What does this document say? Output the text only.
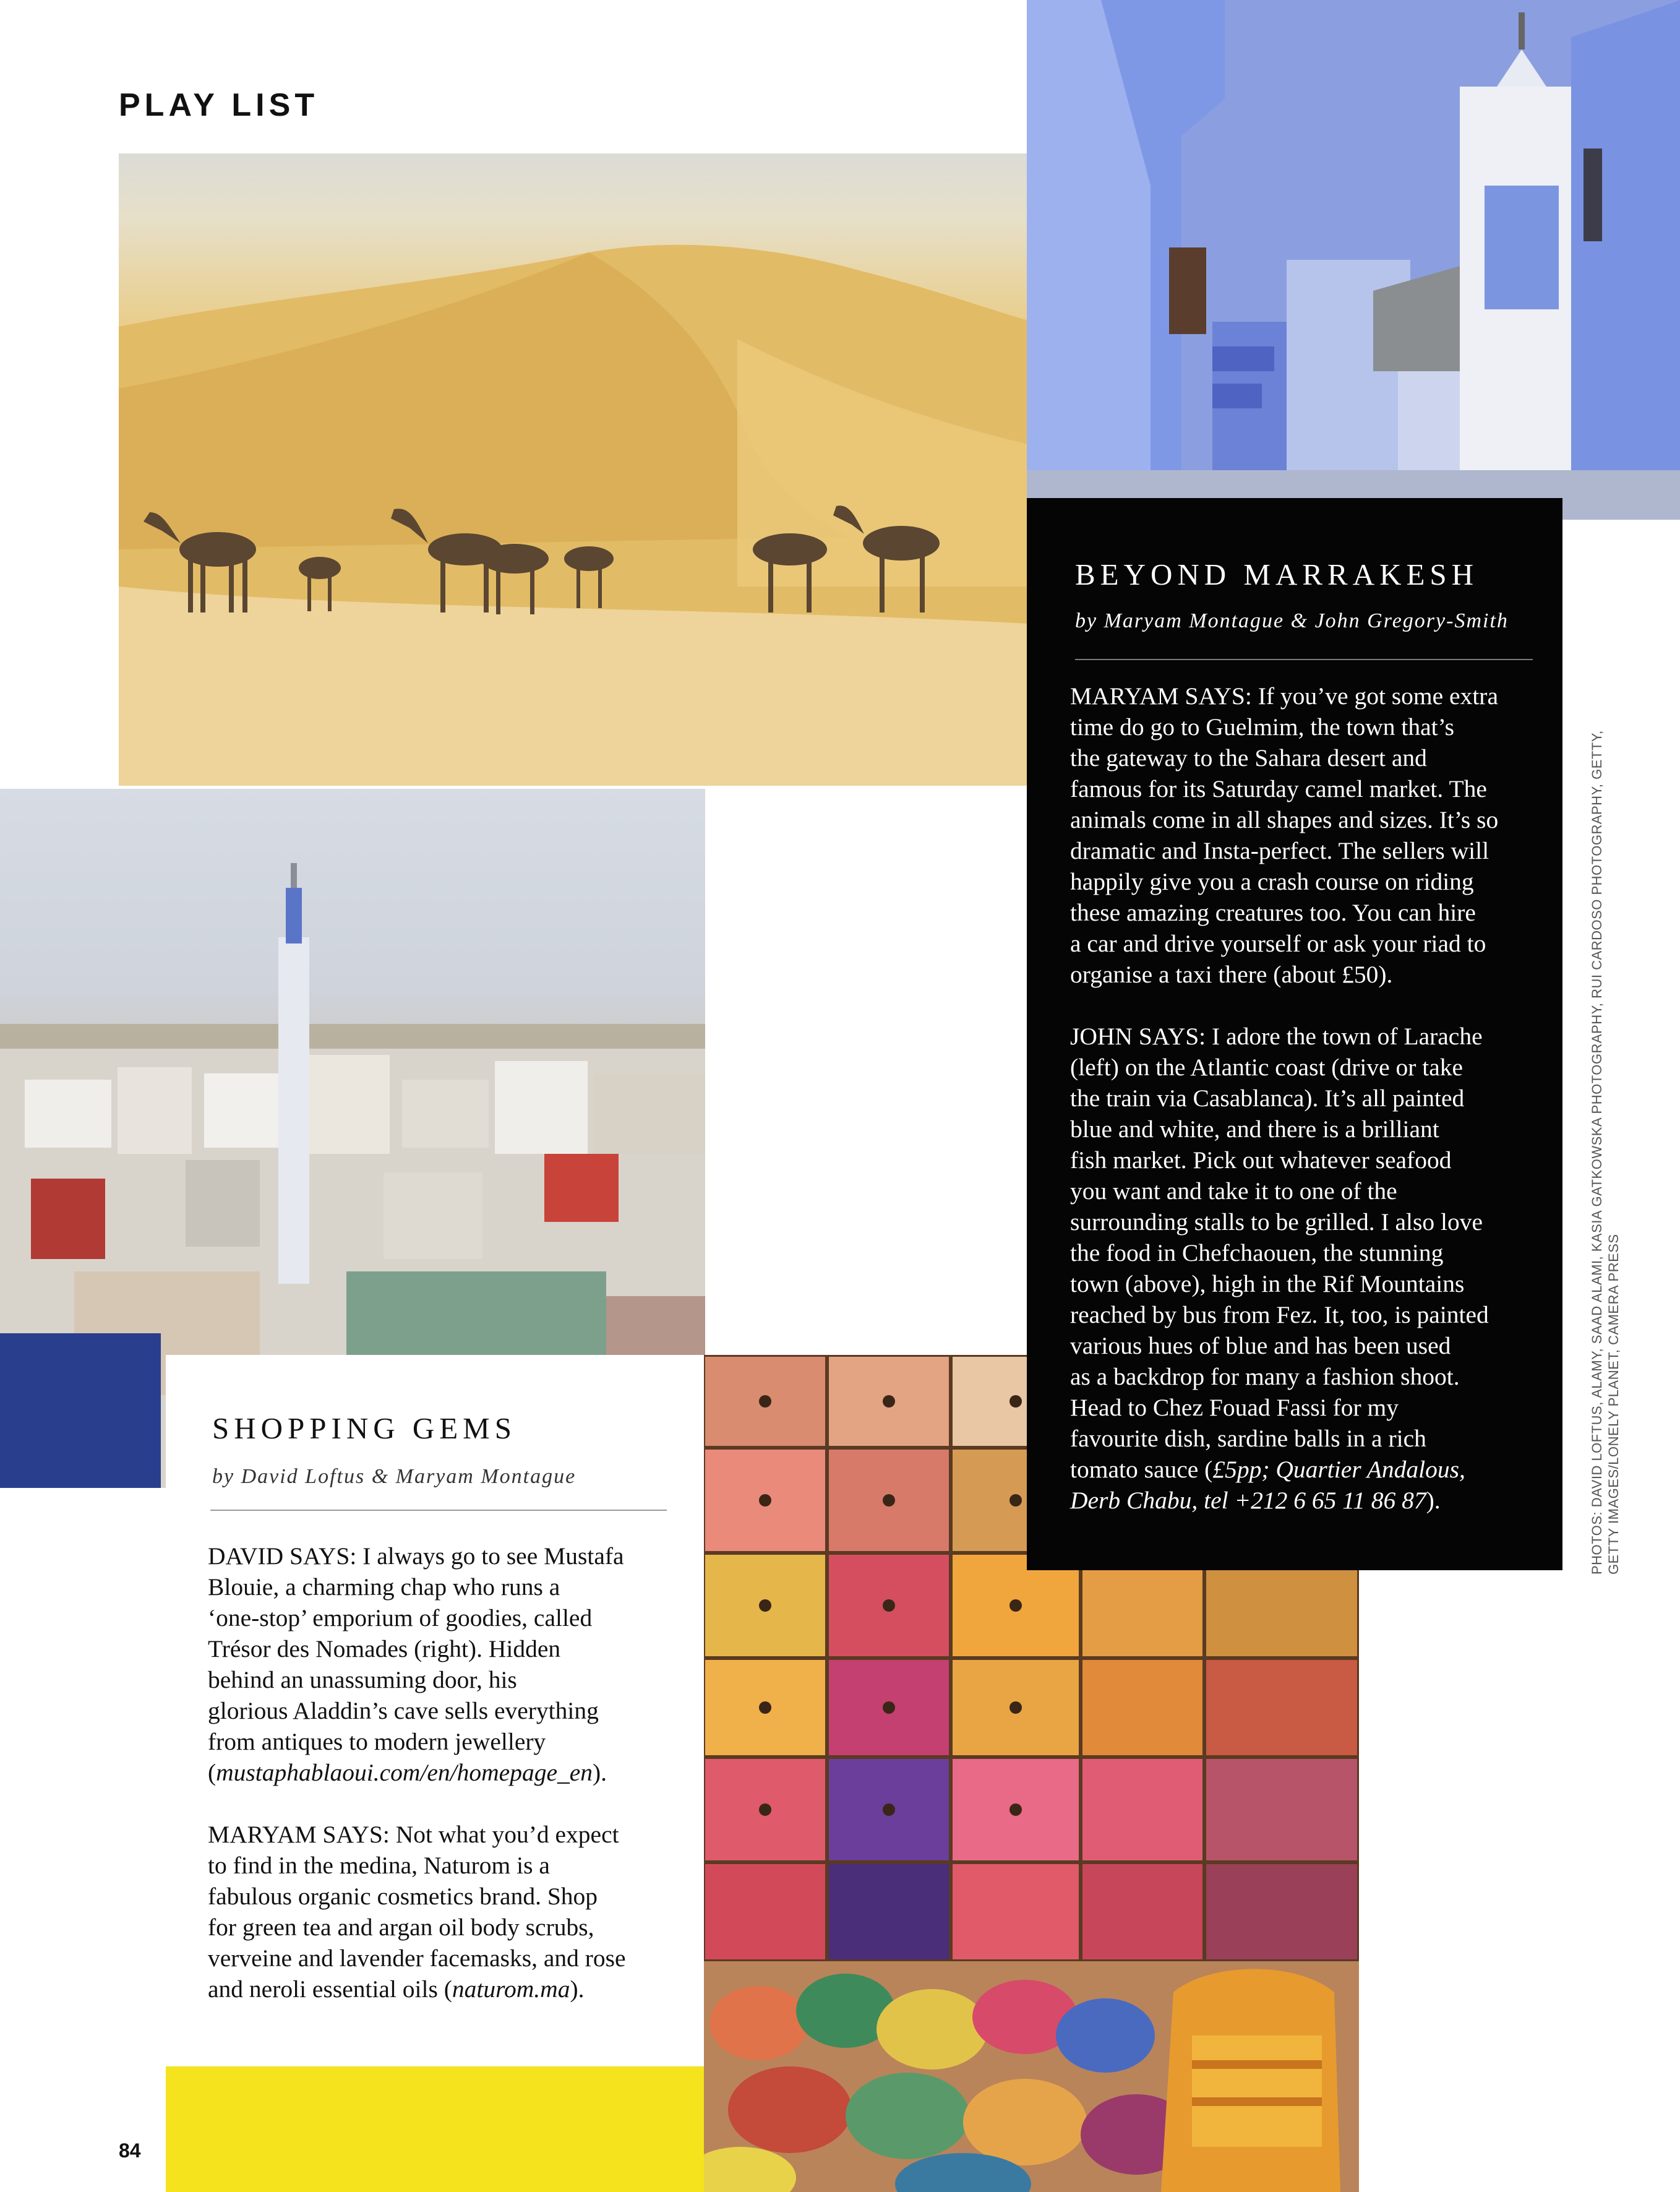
PLAY LIST
BEYOND MARRAKESH
by Maryam Montague & John Gregory-Smith
MARYAM SAYS: If you’ve got some extra
time do go to Guelmim, the town that’s
the gateway to the Sahara desert and
famous for its Saturday camel market. The
animals come in all shapes and sizes. It’s so
dramatic and Insta-perfect. The sellers will
happily give you a crash course on riding
these amazing creatures too. You can hire
a car and drive yourself or ask your riad to
organise a taxi there (about £50).
JOHN SAYS: I adore the town of Larache
(left) on the Atlantic coast (drive or take
the train via Casablanca). It’s all painted
blue and white, and there is a brilliant
fish market. Pick out whatever seafood
you want and take it to one of the
surrounding stalls to be grilled. I also love
the food in Chefchaouen, the stunning
town (above), high in the Rif Mountains
reached by bus from Fez. It, too, is painted
various hues of blue and has been used
as a backdrop for many a fashion shoot.
Head to Chez Fouad Fassi for my
favourite dish, sardine balls in a rich
tomato sauce (£5pp; Quartier Andalous,
Derb Chabu, tel +212 6 65 11 86 87).
SHOPPING GEMS
by David Loftus & Maryam Montague
DAVID SAYS: I always go to see Mustafa
Blouie, a charming chap who runs a
‘one-stop’ emporium of goodies, called
Trésor des Nomades (right). Hidden
behind an unassuming door, his
glorious Aladdin’s cave sells everything
from antiques to modern jewellery
(mustaphablaoui.com/en/homepage_en).
MARYAM SAYS: Not what you’d expect
to find in the medina, Naturom is a
fabulous organic cosmetics brand. Shop
for green tea and argan oil body scrubs,
verveine and lavender facemasks, and rose
and neroli essential oils (naturom.ma).
84
PHOTOS: DAVID LOFTUS, ALAMY, SAAD ALAMI, KASIA GATKOWSKA PHOTOGRAPHY, RUI CARDOSO PHOTOGRAPHY, GETTY, GETTY IMAGES/LONELY PLANET, CAMERA PRESS
